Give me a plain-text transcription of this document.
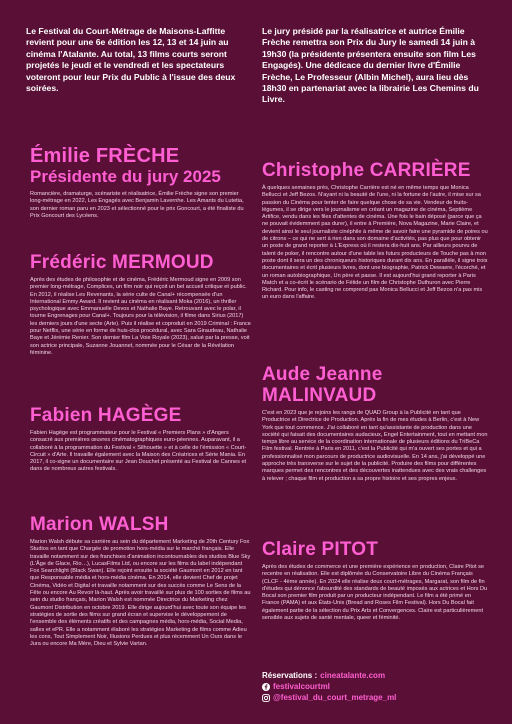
Le Festival du Court-Métrage de Maisons-Laffitte revient pour une 6e édition les 12, 13 et 14 juin au cinéma l'Atalante. Au total, 13 films courts seront projetés le jeudi et le vendredi et les spectateurs voteront pour leur Prix du Public à l'issue des deux soirées.

Le jury présidé par la réalisatrice et autrice Émilie Frèche remettra son Prix du Jury le samedi 14 juin à 19h30 (la présidente présentera ensuite son film Les Engagés). Une dédicace du dernier livre d'Émilie Frèche, Le Professeur (Albin Michel), aura lieu dès 18h30 en partenariat avec la librairie Les Chemins du Livre.

Émilie FRÈCHE
Présidente du jury 2025

Romancière, dramaturge, scénariste et réalisatrice, Émilie Frèche signe son premier long-métrage en 2022, Les Engagés avec Benjamin Lavernhe. Les Amants du Lutetia, son dernier roman paru en 2023 et sélectionné pour le prix Goncourt, a été finaliste du Prix Goncourt des Lycéens.

Frédéric MERMOUD

Après des études de philosophie et de cinéma, Frédéric Mermoud signe en 2009 son premier long-métrage, Complices, un film noir qui reçoit un bel accueil critique et public. En 2012, il réalise Les Revenants, la série culte de Canal+ récompensée d'un International Emmy Award. Il revient au cinéma en réalisant Moka (2016), un thriller psychologique avec Emmanuelle Devos et Nathalie Baye. Retrouvant avec le polar, il tourne Engrenages pour Canal+. Toujours pour la télévision, il filme dans Sirius (2017) les derniers jours d'une secte (Arte). Puis il réalise et coproduit en 2019 Criminal : France pour Netflix, une série en forme de huis-clos procédural, avec Sara Giraudeau, Nathalie Baye et Jérémie Renier. Son dernier film La Voie Royale (2023), salué par la presse, voit son actrice principale, Suzanne Jouannet, nommée pour le César de la Révélation féminine.

Fabien HAGÈGE

Fabien Hagège est programmateur pour le Festival « Premiers Plans » d'Angers consacré aux premières œuvres cinématographiques euro-péennes. Auparavant, il a collaboré à la programmation du Festival « Silhouette » et à celle de l'émission « Court-Circuit » d'Arte. Il travaille également avec la Maison des Créatrices et Série Mania. En 2017, il co-signe un documentaire sur Jean Douchet présenté au Festival de Cannes et dans de nombreux autres festivals.

Marion WALSH

Marion Walsh débute sa carrière au sein du département Marketing de 20th Century Fox Studios en tant que Chargée de promotion hors-média sur le marché français. Elle travaille notamment sur des franchises d'animation incontournables des studios Blue Sky (L'Âge de Glace, Rio…), LucasFilms Ltd, ou encore sur les films du label indépendant Fox Searchlight (Black Swan). Elle rejoint ensuite la société Gaumont en 2012 en tant que Responsable média et hors-média cinéma. En 2014, elle devient Chef de projet Cinéma, Vidéo et Digital et travaille notamment sur des succès comme Le Sens de la Fête ou encore Au Revoir là-haut. Après avoir travaillé sur plus de 100 sorties de films au sein du studio français, Marion Walsh est nommée Directrice du Marketing chez Gaumont Distribution en octobre 2019. Elle dirige aujourd'hui avec toute son équipe les stratégies de sortie des films sur grand écran et supervise le développement de l'ensemble des éléments créatifs et des campagnes média, hors-média, Social Media, salles et ePR. Elle a notamment élaboré les stratégies Marketing de films comme Adieu les cons, Tout Simplement Noir, Illusions Perdues et plus récemment Un Ours dans le Jura ou encore Ma Mère, Dieu et Sylvie Vartan.

Christophe CARRIÈRE

À quelques semaines près, Christophe Carrière est né en même temps que Monica Bellucci et Jeff Bezos. N'ayant ni la beauté de l'une, ni la fortune de l'autre, il mise sur sa passion du Cinéma pour tenter de faire quelque chose de sa vie. Vendeur de fruits-légumes, il se dirige vers le journalisme en créant un magazine de cinéma, Septième Artifice, vendu dans les files d'attentes de cinéma. Une fois le bain déposé (parce que ça ne pouvait évidemment pas durer), il entre à Première, Nova Magazine, Marie Claire, et devient ainsi le seul journaliste cinéphile à même de savoir faire une pyramide de poires ou de citrons – ce qui ne sert à rien dans son domaine d'activités, pas plus que pour obtenir un poste de grand reporter à L'Express où il restera dix-huit ans. Par ailleurs pourvu de talent de poker, il rencontre autour d'une table les futurs producteurs de Touche pas à mon poste dont il sera un des chroniqueurs historiques durant dix ans. En parallèle, il signe trois documentaires et écrit plusieurs livres, dont une biographie, Patrick Dewaere, l'écorché, et un roman autobiographique, Un père et passe. Il est aujourd'hui grand reporter à Paris Match et a co-écrit le scénario de Fétide un film de Christophe Duthuron avec Pierre Richard. Pour info, le casting ne comprend pas Monica Bellucci et Jeff Bezos n'a pas mis un euro dans l'affaire.

Aude Jeanne MALINVAUD

C'est en 2023 que je rejoins les rangs de QUAD Group à la Publicité en tant que Productrice et Directrice de Production. Après la fin de mes études à Berlin, c'est à New York que tout commence. J'ai collaboré en tant qu'assistante de production dans une société qui faisait des documentaires audacieux, Engel Entertainment, tout en mettant mon temps libre au service de la coordination internationale de plusieurs éditions du TriBeCa Film festival. Rentrée à Paris en 2011, c'est la Publicité qui m'a ouvert ses portes et qui a professionnalisé mon parcours de productrice audiovisuelle. En 14 ans, j'ai développé une approche très transverse sur le sujet de la publicité. Produire des films pour différentes marques permet des rencontres et des découvertes inattendues avec des vrais challenges à relever ; chaque film et production a sa propre histoire et ses propres enjeux.

Claire PITOT

Après des études de commerce et une première expérience en production, Claire Pitot se recentre en réalisation. Elle est diplômée du Conservatoire Libre du Cinéma Français (CLCF - 4ème année). En 2024 elle réalise deux court-métrages, Margarat, son film de fin d'études qui dénonce l'absurdité des standards de beauté imposés aux actrices et Hors Du Bocal son premier film produit par un producteur indépendant. Le film a été primé en France (PAMA) et aux États-Unis (Bread and Roses Film Festival). Hors Du Bocal fait également partie de la sélection du Prix Arts et Convergences. Claire est particulièrement sensible aux sujets de santé mentale, queer et féminité.

Réservations : cineatalante.com
festivalcourtml
@festival_du_court_metrage_ml
